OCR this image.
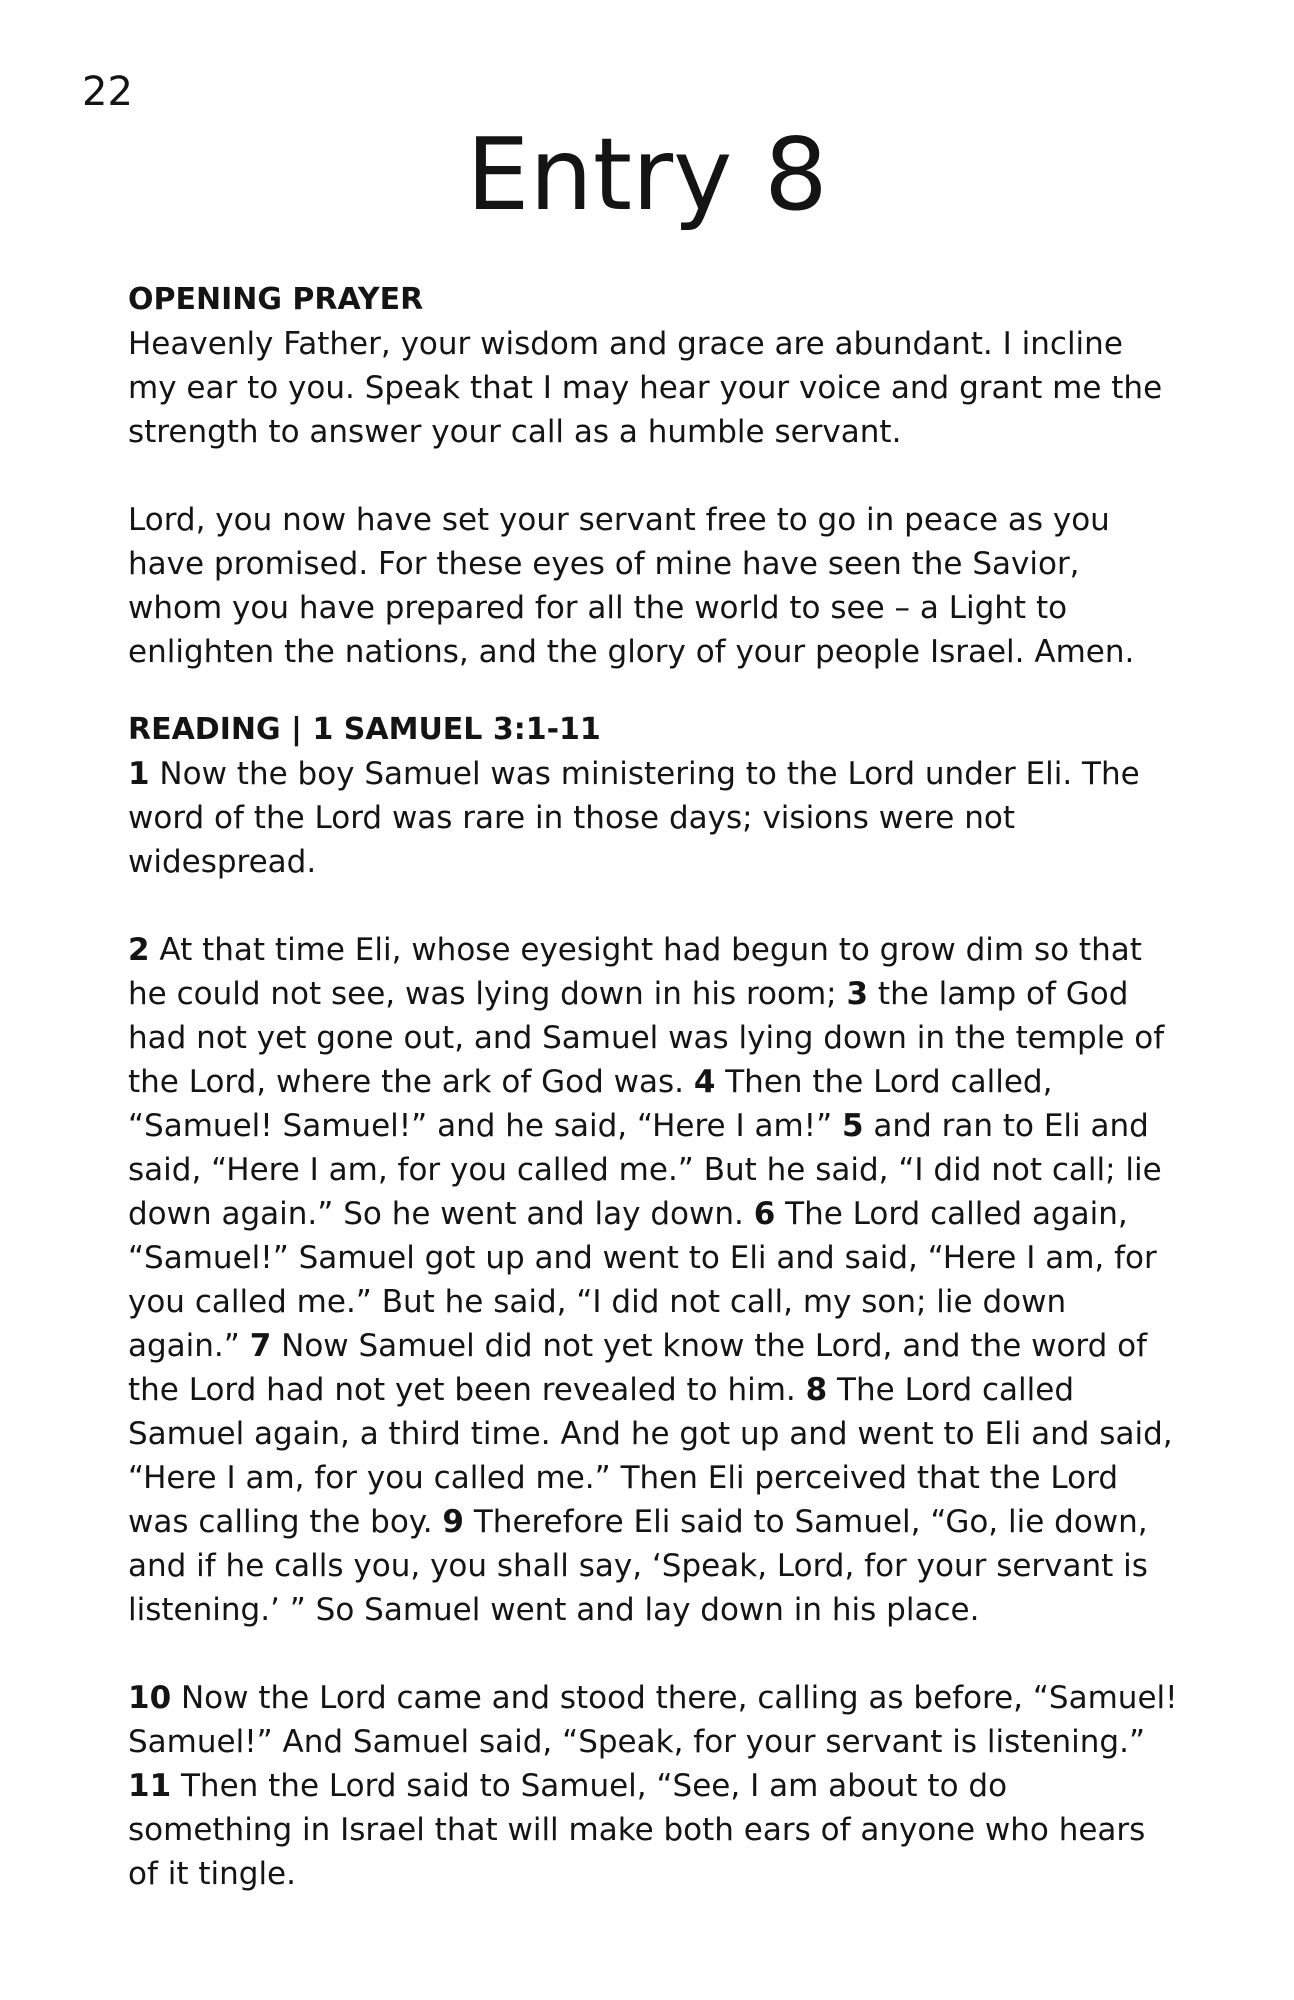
22
Entry 8
OPENING PRAYER

Heavenly Father, your wisdom and grace are abundant. I incline my ear to you. Speak that I may hear your voice and grant me the strength to answer your call as a humble servant.

Lord, you now have set your servant free to go in peace as you have promised. For these eyes of mine have seen the Savior, whom you have prepared for all the world to see – a Light to enlighten the nations, and the glory of your people Israel. Amen.

READING | 1 SAMUEL 3:1-11

1 Now the boy Samuel was ministering to the Lord under Eli. The word of the Lord was rare in those days; visions were not widespread.

2 At that time Eli, whose eyesight had begun to grow dim so that he could not see, was lying down in his room; 3 the lamp of God had not yet gone out, and Samuel was lying down in the temple of the Lord, where the ark of God was. 4 Then the Lord called, “Samuel! Samuel!” and he said, “Here I am!” 5 and ran to Eli and said, “Here I am, for you called me.” But he said, “I did not call; lie down again.” So he went and lay down. 6 The Lord called again, “Samuel!” Samuel got up and went to Eli and said, “Here I am, for you called me.” But he said, “I did not call, my son; lie down again.” 7 Now Samuel did not yet know the Lord, and the word of the Lord had not yet been revealed to him. 8 The Lord called Samuel again, a third time. And he got up and went to Eli and said, “Here I am, for you called me.” Then Eli perceived that the Lord was calling the boy. 9 Therefore Eli said to Samuel, “Go, lie down, and if he calls you, you shall say, ‘Speak, Lord, for your servant is listening.’ ” So Samuel went and lay down in his place.

10 Now the Lord came and stood there, calling as before, “Samuel! Samuel!” And Samuel said, “Speak, for your servant is listening.” 11 Then the Lord said to Samuel, “See, I am about to do something in Israel that will make both ears of anyone who hears of it tingle.
